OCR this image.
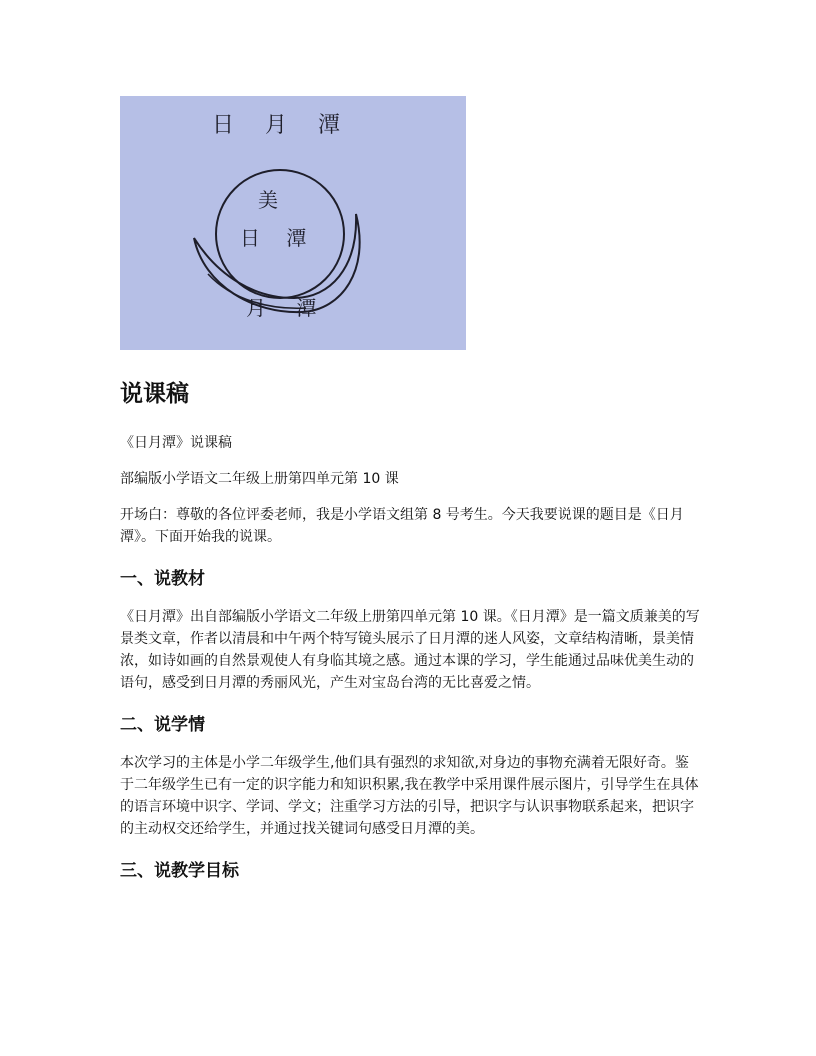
日 月 潭
美
日 潭
月 潭
说课稿

《日月潭》说课稿

部编版小学语文二年级上册第四单元第 10 课

开场白：尊敬的各位评委老师，我是小学语文组第 8 号考生。今天我要说课的题目是《日月潭》。下面开始我的说课。

一、说教材

《日月潭》出自部编版小学语文二年级上册第四单元第 10 课。《日月潭》是一篇文质兼美的写景类文章，作者以清晨和中午两个特写镜头展示了日月潭的迷人风姿，文章结构清晰，景美情浓，如诗如画的自然景观使人有身临其境之感。通过本课的学习，学生能通过品味优美生动的语句，感受到日月潭的秀丽风光，产生对宝岛台湾的无比喜爱之情。

二、说学情

本次学习的主体是小学二年级学生,他们具有强烈的求知欲,对身边的事物充满着无限好奇。鉴于二年级学生已有一定的识字能力和知识积累,我在教学中采用课件展示图片，引导学生在具体的语言环境中识字、学词、学文；注重学习方法的引导，把识字与认识事物联系起来，把识字的主动权交还给学生，并通过找关键词句感受日月潭的美。

三、说教学目标
